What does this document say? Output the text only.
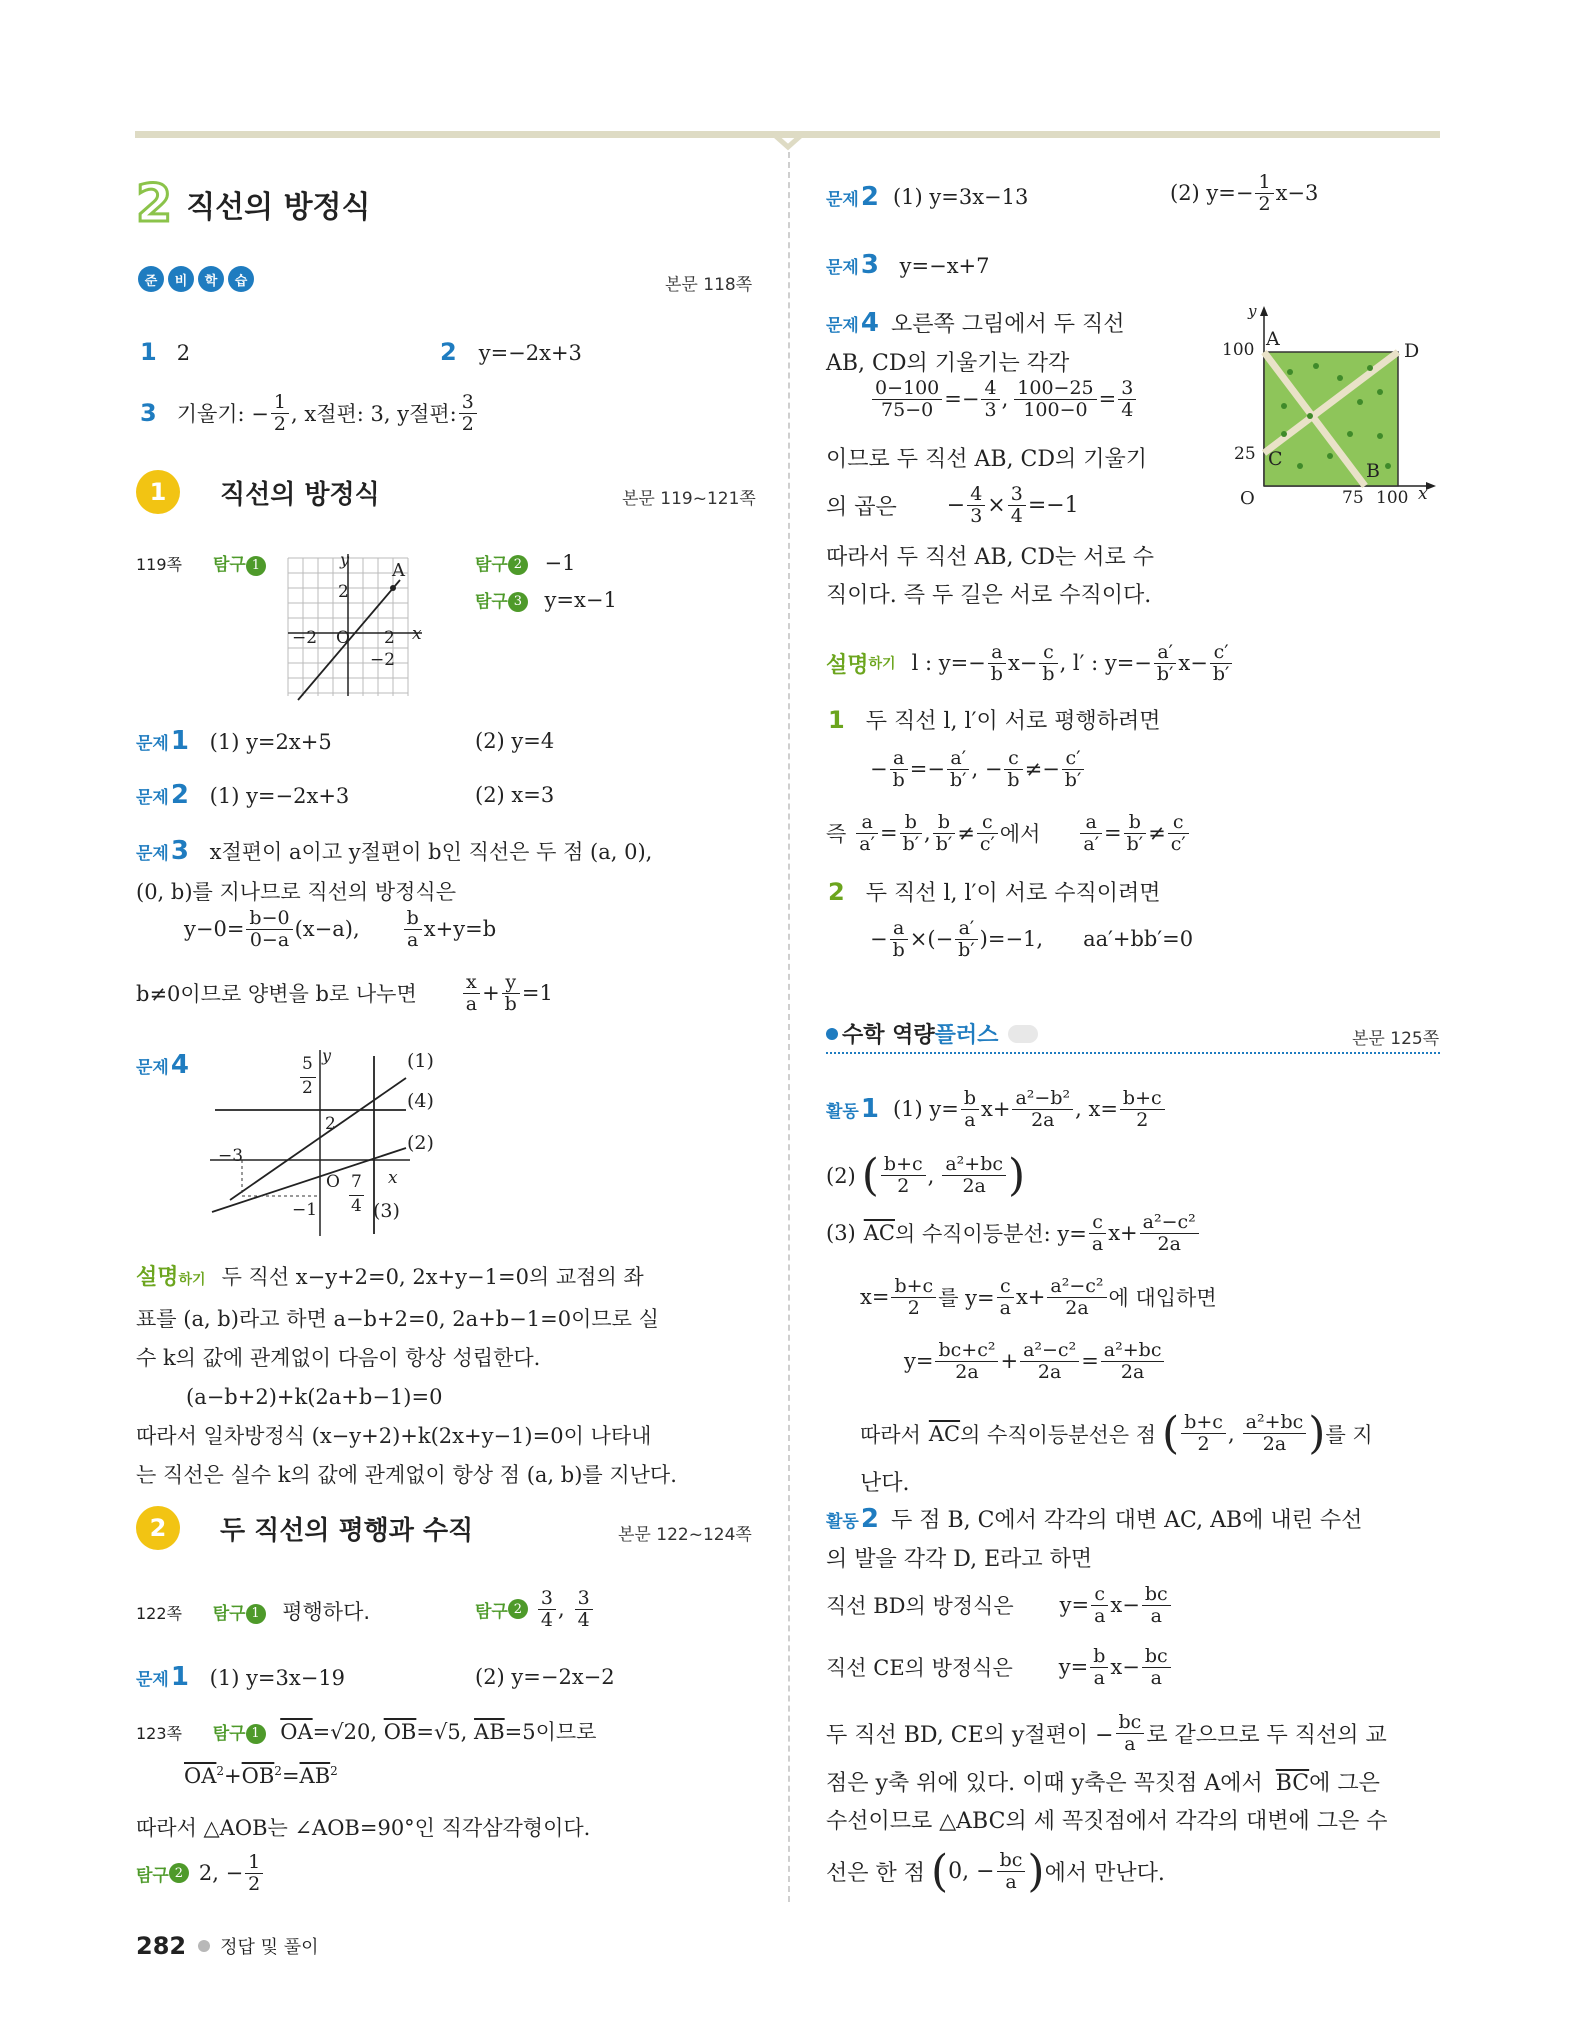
2 직선의 방정식
준	비	학	습	본문 118쪽
1 2	2 y=−2x+3
3 기울기: − $\frac{1}{2}$ , x절편: 3, y절편: $\frac{3}{2}$
1	직선의 방정식	본문 119~121쪽
119쪽 탐구 1	y
A
2
−2 O 2 x
−2
탐구 2 −1
탐구 3 y=x−1
문제1 (1) y=2x+5	(2) y=4
문제2 (1) y=−2x+3	(2) x=3
문제3 x절편이 a이고 y절편이 b인 직선은 두 점 (a, 0),
(0, b)를 지나므로 직선의 방정식은
$y-0= \frac{b-0}{0-a} (x-a)$, $\frac{b}{a} x+y=b$
b≠0이므로 양변을 b로 나누면 $\frac{x}{a} + \frac{y}{b} =1$
문제4	5
2
y	(1)
(4)
(2)
(3)
2
−3
O 7
4
x
−1
설명하기 두 직선 x−y+2=0, 2x+y−1=0의 교점의 좌
표를 (a, b)라고 하면 a−b+2=0, 2a+b−1=0이므로 실
수 k의 값에 관계없이 다음이 항상 성립한다.
(a−b+2)+k(2a+b−1)=0
따라서 일차방정식 (x−y+2)+k(2x+y−1)=0이 나타내
는 직선은 실수 k의 값에 관계없이 항상 점 (a, b)를 지난다.
2	두 직선의 평행과 수직	본문 122~124쪽
122쪽 탐구 1 평행하다.	탐구 $2 \frac{3}{4}$ , $\frac{3}{4}$
문제1 (1) y=3x−19	(2) y=−2x−2
123쪽 탐구 1 $\overline{OA}=√20$, $\overline{OB}=√5$, $\overline{AB}=5$이므로
$\overline{OA}^2+\overline{OB}^2=\overline{AB}^2$
따라서 △AOB는 ∠AOB=90°인 직각삼각형이다.
탐구 2 2, − $\frac{1}{2}$
문제 2 (1) y=3x−13	(2) $y=- \frac{1}{2} x-3$
문제3 y=−x+7
문제4 오른쪽 그림에서 두 직선
AB, CD의 기울기는 각각
$\frac{0-100}{75-0} =- \frac{4}{3}$ , $\frac{100-25}{100-0} = \frac{3}{4}$
이므로 두 직선 AB, CD의 기울기
의 곱은 − $\frac{4}{3} \times \frac{3}{4} =-1$
따라서 두 직선 AB, CD는 서로 수
직이다. 즉 두 길은 서로 수직이다.
y
A
D
100
25 C
B
O	75 100 x
설명 하기 l : $y=- \frac{a}{b} x- \frac{c}{b}$ , l′ : $y=- \frac{a'}{b'} x- \frac{c'}{b'}$
1 두 직선 l, l′이 서로 평행하려면
− $\frac{a}{b} =- \frac{a'}{b'}$ , − $\frac{c}{b} \ne- \frac{c'}{b'}$
즉 $\frac{a}{a'} = \frac{b}{b'}$ , $\frac{b}{b'} \ne \frac{c}{c'}$ 에서 $\frac{a}{a'} = \frac{b}{b'} \ne \frac{c}{c'}$
2 두 직선 l, l′이 서로 수직이려면
− $\frac{a}{b}$ ×(− $\frac{a'}{b'} )=-1$, aa′+bb′=0
수학 역량 플러스	본문 125쪽
활동 1 (1) $y= \frac{b}{a} x+ \frac{\text{a²−b²}}{2a}$ , $x= \frac{b+c}{2}$
(2) ( $\frac{b+c}{2}$ , $\frac{\text{a²+bc}}{2a}$ )
(3) $\overline{AC}$ 의 수직이등분선: $y= \frac{c}{a} x+ \frac{\text{a²−c²}}{2a}$
$x= \frac{b+c}{2}$ 를 $y= \frac{c}{a} x+ \frac{\text{a²−c²}}{2a}$ 에 대입하면
$y= \frac{\text{bc+c²}}{2a} + \frac{\text{a²−c²}}{2a} = \frac{\text{a²+bc}}{2a}$
따라서 $\overline{AC}$ 의 수직이등분선은 점 ( $\frac{b+c}{2}$ , $\frac{\text{a²+bc}}{2a}$ ) 를 지
난다.
활동2 두 점 B, C에서 각각의 대변 AC, AB에 내린 수선
의 발을 각각 D, E라고 하면
직선 BD의 방정식은 $y= \frac{c}{a} x- \frac{bc}{a}$
직선 CE의 방정식은 $y= \frac{b}{a} x- \frac{bc}{a}$
두 직선 BD, CE의 y절편이 − $\frac{bc}{a}$ 로 같으므로 두 직선의 교
점은 y축 위에 있다. 이때 y축은 꼭짓점 A에서 $\overline{BC}$에 그은
수선이므로 △ABC의 세 꼭짓점에서 각각의 대변에 그은 수
선은 한 점 ( 0, − $\frac{bc}{a}$ ) 에서 만난다.
282 정답 및 풀이
